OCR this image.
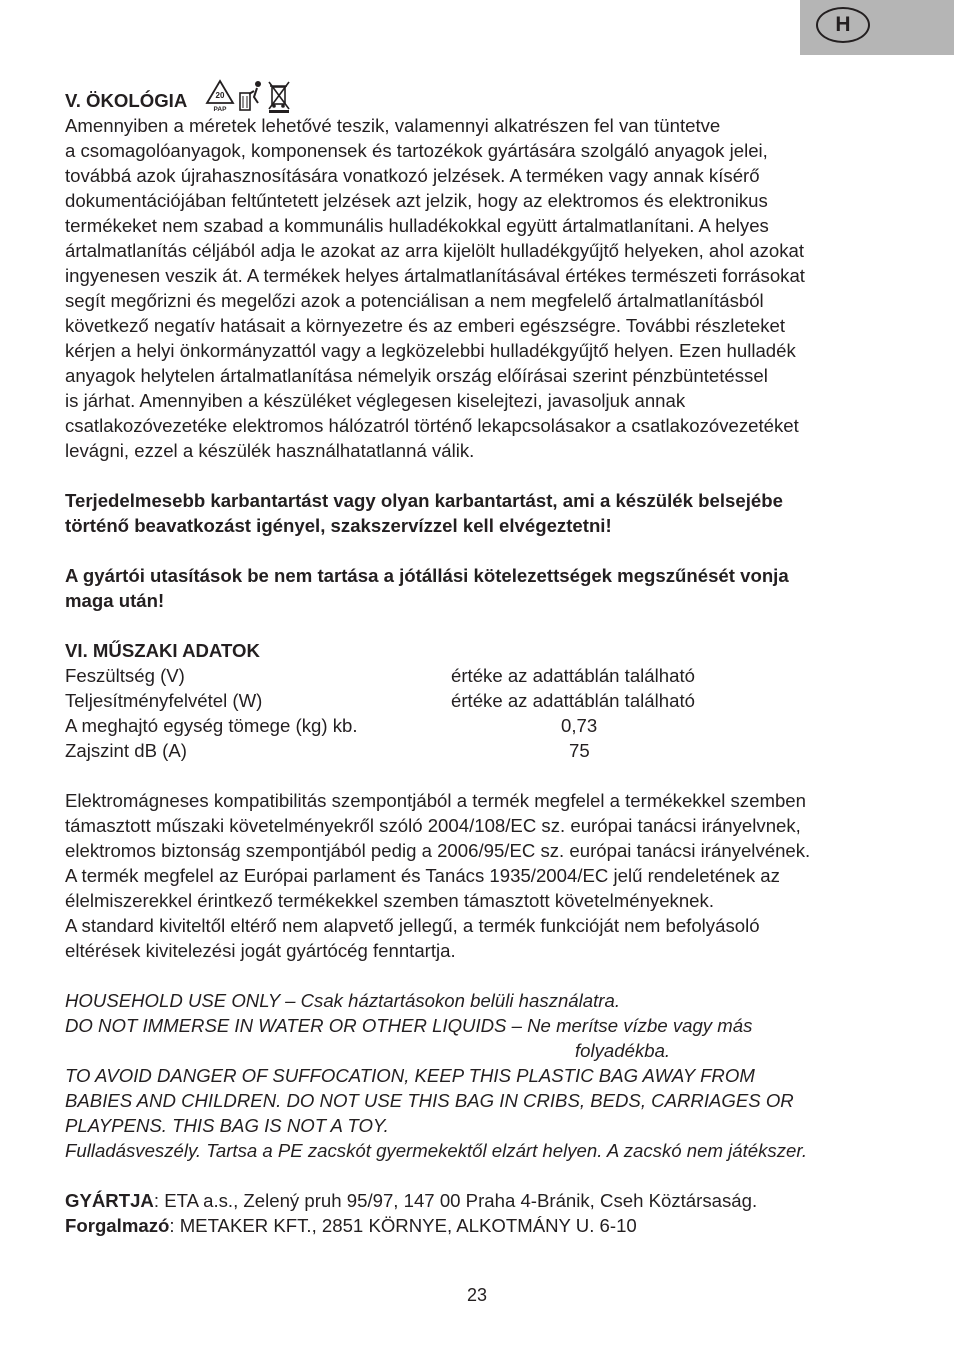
H
V. ÖKOLÓGIA	20
PAP

Amennyiben a méretek lehetővé teszik, valamennyi alkatrészen fel van tüntetve
a csomagolóanyagok, komponensek és tartozékok gyártására szolgáló anyagok jelei,
továbbá azok újrahasznosítására vonatkozó jelzések. A terméken vagy annak kísérő
dokumentációjában feltűntetett jelzések azt jelzik, hogy az elektromos és elektronikus
termékeket nem szabad a kommunális hulladékokkal együtt ártalmatlanítani. A helyes
ártalmatlanítás céljából adja le azokat az arra kijelölt hulladékgyűjtő helyeken, ahol azokat
ingyenesen veszik át. A termékek helyes ártalmatlanításával értékes természeti forrásokat
segít megőrizni és megelőzi azok a potenciálisan a nem megfelelő ártalmatlanításból
következő negatív hatásait a környezetre és az emberi egészségre. További részleteket
kérjen a helyi önkormányzattól vagy a legközelebbi hulladékgyűjtő helyen. Ezen hulladék
anyagok helytelen ártalmatlanítása némelyik ország előírásai szerint pénzbüntetéssel
is járhat. Amennyiben a készüléket véglegesen kiselejtezi, javasoljuk annak
csatlakozóvezetéke elektromos hálózatról történő lekapcsolásakor a csatlakozóvezetéket
levágni, ezzel a készülék használhatatlanná válik.

Terjedelmesebb karbantartást vagy olyan karbantartást, ami a készülék belsejébe
történő beavatkozást igényel, szakszervízzel kell elvégeztetni!

A gyártói utasítások be nem tartása a jótállási kötelezettségek megszűnését vonja
maga után!

VI. MŰSZAKI ADATOK

Feszültség (V)	értéke az adattáblán található
Teljesítményfelvétel (W)	értéke az adattáblán található
A meghajtó egység tömege (kg) kb.	0,73
Zajszint dB (A)	75

Elektromágneses kompatibilitás szempontjából a termék megfelel a termékekkel szemben
támasztott műszaki követelményekről szóló 2004/108/EC sz. európai tanácsi irányelvnek,
elektromos biztonság szempontjából pedig a 2006/95/EC sz. európai tanácsi irányelvének.
A termék megfelel az Európai parlament és Tanács 1935/2004/EC jelű rendeletének az
élelmiszerekkel érintkező termékekkel szemben támasztott követelményeknek.
A standard kiviteltől eltérő nem alapvető jellegű, a termék funkcióját nem befolyásoló
eltérések kivitelezési jogát gyártócég fenntartja.

HOUSEHOLD USE ONLY – Csak háztartásokon belüli használatra.
DO NOT IMMERSE IN WATER OR OTHER LIQUIDS – Ne merítse vízbe vagy más
folyadékba.
TO AVOID DANGER OF SUFFOCATION, KEEP THIS PLASTIC BAG AWAY FROM
BABIES AND CHILDREN. DO NOT USE THIS BAG IN CRIBS, BEDS, CARRIAGES OR
PLAYPENS. THIS BAG IS NOT A TOY.
Fulladásveszély. Tartsa a PE zacskót gyermekektől elzárt helyen. A zacskó nem játékszer.

GYÁRTJA: ETA a.s., Zelený pruh 95/97, 147 00 Praha 4-Bránik, Cseh Köztársaság.
Forgalmazó: METAKER KFT., 2851 KÖRNYE, ALKOTMÁNY U. 6-10

23
